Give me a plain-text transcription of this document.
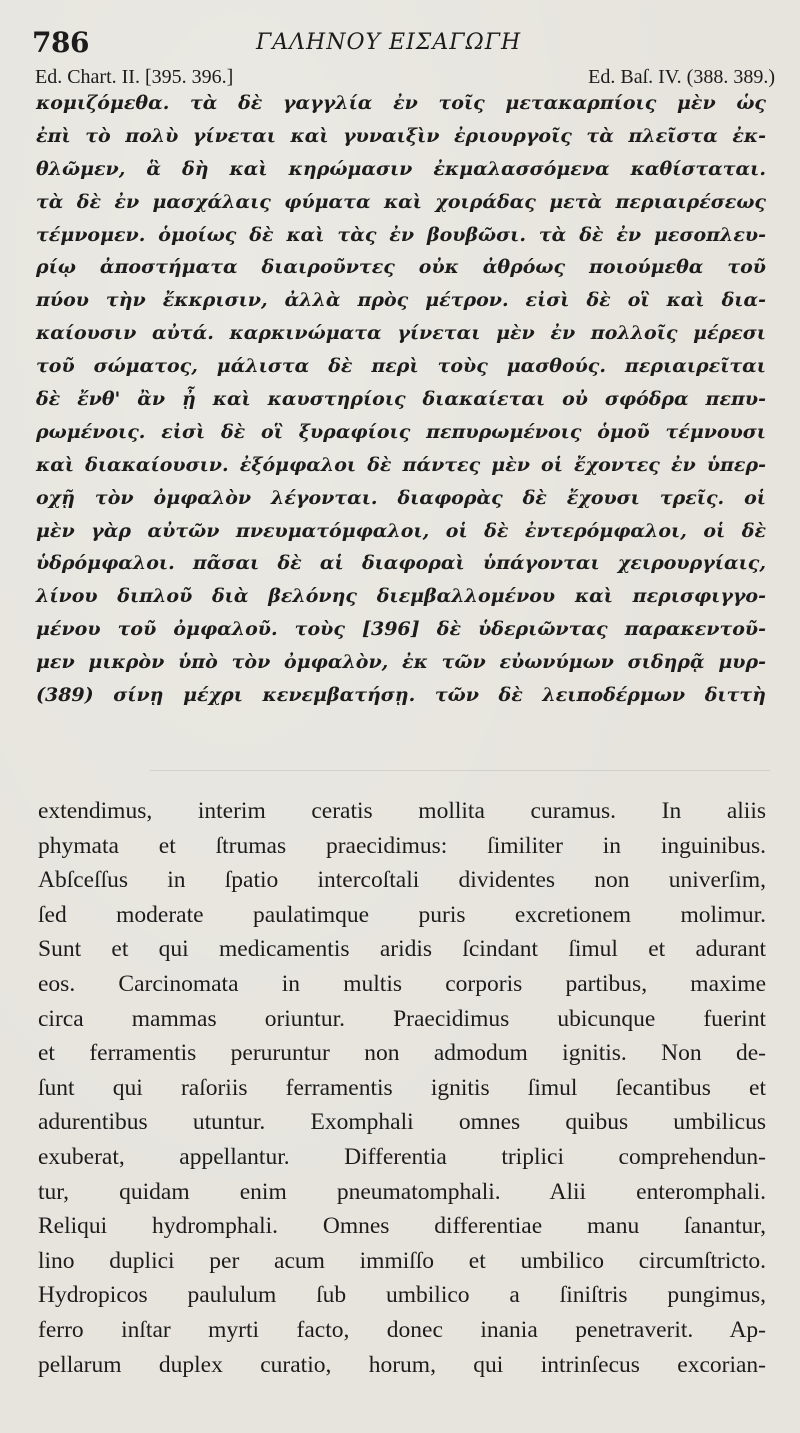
786	ΓΑΛΗΝΟΥ ΕΙΣΑΓΩΓΗ
Ed. Chart. II. [395. 396.]	Ed. Baſ. IV. (388. 389.)
κομιζόμεθα. τὰ δὲ γαγγλία ἐν τοῖς μετακαρπίοις μὲν ὡς
ἐπὶ τὸ πολὺ γίνεται καὶ γυναιξὶν ἐριουργοῖς τὰ πλεῖστα ἐκ-
θλῶμεν, ἃ δὴ καὶ κηρώμασιν ἐκμαλασσόμενα καθίσταται.
τὰ δὲ ἐν μασχάλαις φύματα καὶ χοιράδας μετὰ περιαιρέσεως
τέμνομεν. ὁμοίως δὲ καὶ τὰς ἐν βουβῶσι. τὰ δὲ ἐν μεσοπλευ-
ρίῳ ἀποστήματα διαιροῦντες οὐκ ἀθρόως ποιούμεθα τοῦ
πύου τὴν ἔκκρισιν, ἀλλὰ πρὸς μέτρον. εἰσὶ δὲ οἳ καὶ δια-
καίουσιν αὐτά. καρκινώματα γίνεται μὲν ἐν πολλοῖς μέρεσι
τοῦ σώματος, μάλιστα δὲ περὶ τοὺς μασθούς. περιαιρεῖται
δὲ ἔνθ' ἂν ᾖ καὶ καυστηρίοις διακαίεται οὐ σφόδρα πεπυ-
ρωμένοις. εἰσὶ δὲ οἳ ξυραφίοις πεπυρωμένοις ὁμοῦ τέμνουσι
καὶ διακαίουσιν. ἐξόμφαλοι δὲ πάντες μὲν οἱ ἔχοντες ἐν ὑπερ-
οχῇ τὸν ὀμφαλὸν λέγονται. διαφορὰς δὲ ἔχουσι τρεῖς. οἱ
μὲν γὰρ αὐτῶν πνευματόμφαλοι, οἱ δὲ ἐντερόμφαλοι, οἱ δὲ
ὑδρόμφαλοι. πᾶσαι δὲ αἱ διαφοραὶ ὑπάγονται χειρουργίαις,
λίνου διπλοῦ διὰ βελόνης διεμβαλλομένου καὶ περισφιγγο-
μένου τοῦ ὀμφαλοῦ. τοὺς [396] δὲ ὑδεριῶντας παρακεντοῦ-
μεν μικρὸν ὑπὸ τὸν ὀμφαλὸν, ἐκ τῶν εὐωνύμων σιδηρᾷ μυρ-
(389) σίνῃ μέχρι κενεμβατήσῃ. τῶν δὲ λειποδέρμων διττὴ
extendimus, interim ceratis mollita curamus. In aliis
phymata et ſtrumas praecidimus: ſimiliter in inguinibus.
Abſceſſus in ſpatio intercoſtali dividentes non univerſim,
ſed moderate paulatimque puris excretionem molimur.
Sunt et qui medicamentis aridis ſcindant ſimul et adurant
eos. Carcinomata in multis corporis partibus, maxime
circa mammas oriuntur. Praecidimus ubicunque fuerint
et ferramentis peruruntur non admodum ignitis. Non de-
ſunt qui raſoriis ferramentis ignitis ſimul ſecantibus et
adurentibus utuntur. Exomphali omnes quibus umbilicus
exuberat, appellantur. Differentia triplici comprehendun-
tur, quidam enim pneumatomphali. Alii enteromphali.
Reliqui hydromphali. Omnes differentiae manu ſanantur,
lino duplici per acum immiſſo et umbilico circumſtricto.
Hydropicos paululum ſub umbilico a ſiniſtris pungimus,
ferro inſtar myrti facto, donec inania penetraverit. Ap-
pellarum duplex curatio, horum, qui intrinſecus excorian-
